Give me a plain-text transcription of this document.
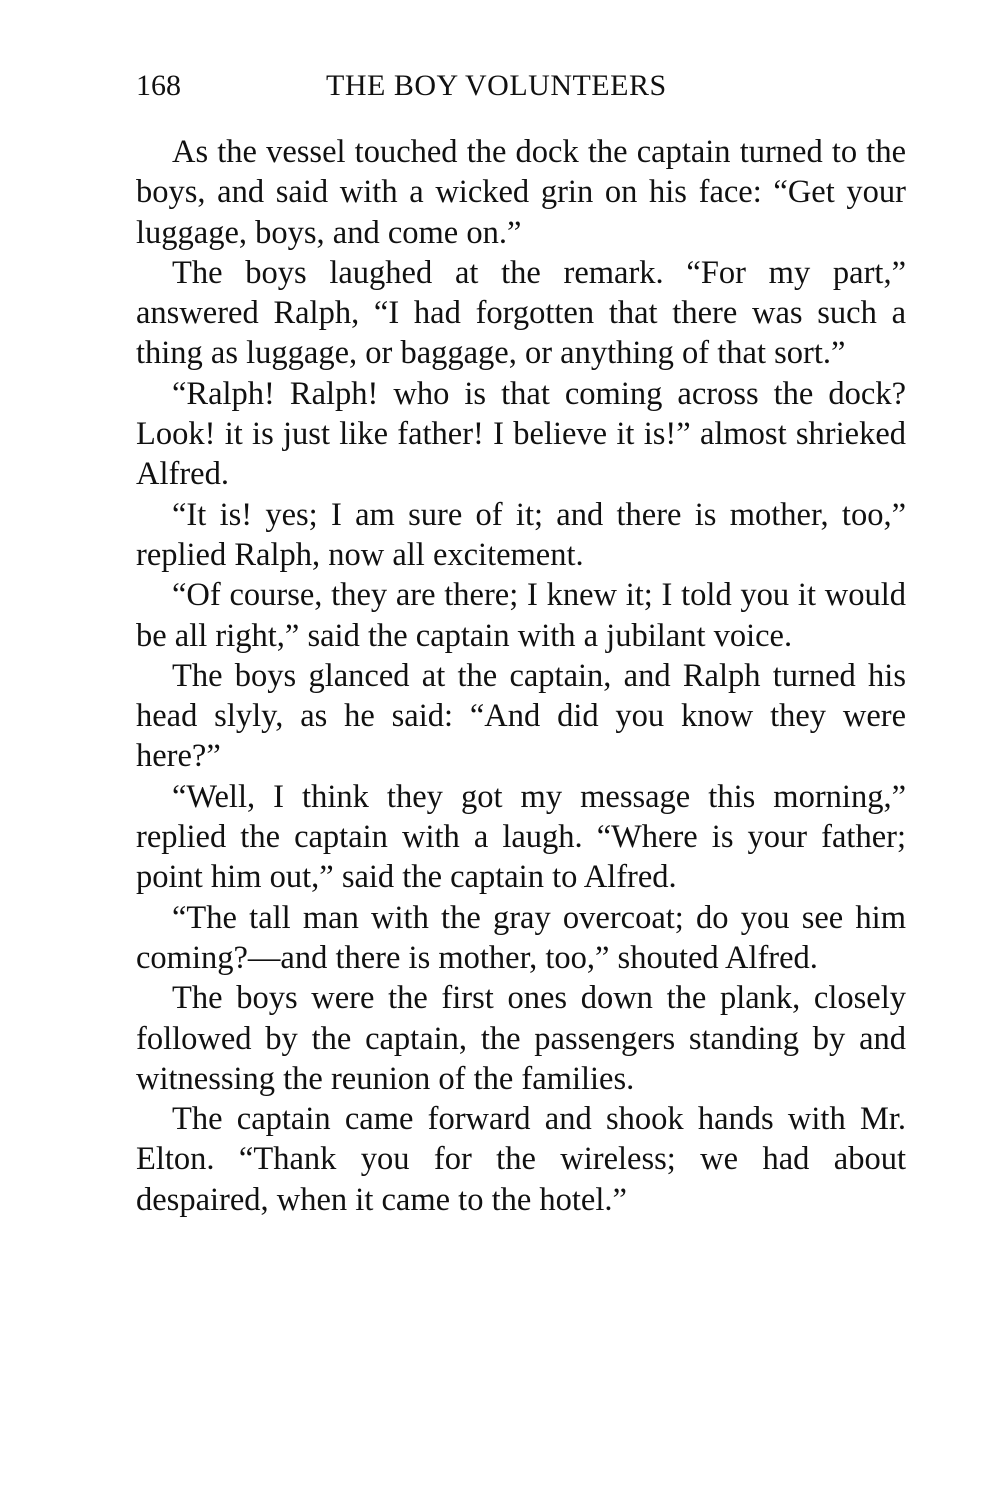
168	THE BOY VOLUNTEERS

As the vessel touched the dock the captain turned to the boys, and said with a wicked grin on his face: “Get your luggage, boys, and come on.”

The boys laughed at the remark. “For my part,” answered Ralph, “I had forgotten that there was such a thing as luggage, or baggage, or anything of that sort.”

“Ralph! Ralph! who is that coming across the dock? Look! it is just like father! I believe it is!” almost shrieked Alfred.

“It is! yes; I am sure of it; and there is mother, too,” replied Ralph, now all excitement.

“Of course, they are there; I knew it; I told you it would be all right,” said the captain with a jubilant voice.

The boys glanced at the captain, and Ralph turned his head slyly, as he said: “And did you know they were here?”

“Well, I think they got my message this morning,” replied the captain with a laugh. “Where is your father; point him out,” said the captain to Alfred.

“The tall man with the gray overcoat; do you see him coming?—and there is mother, too,” shouted Alfred.

The boys were the first ones down the plank, closely followed by the captain, the passengers standing by and witnessing the reunion of the families.

The captain came forward and shook hands with Mr. Elton. “Thank you for the wireless; we had about despaired, when it came to the hotel.”
